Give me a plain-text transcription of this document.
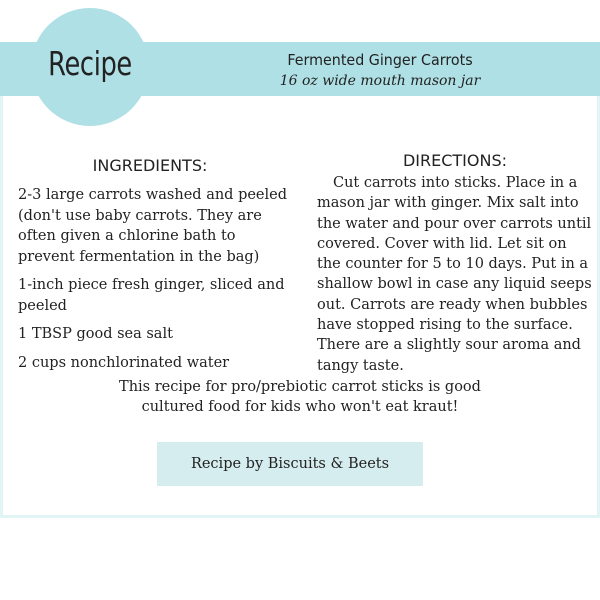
Recipe	Fermented Ginger Carrots
16 oz wide mouth mason jar
INGREDIENTS:
2-3 large carrots washed and peeled (don't use baby carrots. They are often given a chlorine bath to prevent fermentation in the bag)
1-inch piece fresh ginger, sliced and peeled
1 TBSP good sea salt
2 cups nonchlorinated water
DIRECTIONS:
Cut carrots into sticks. Place in a mason jar with ginger. Mix salt into the water and pour over carrots until covered. Cover with lid. Let sit on the counter for 5 to 10 days. Put in a shallow bowl in case any liquid seeps out. Carrots are ready when bubbles have stopped rising to the surface. There are a slightly sour aroma and tangy taste.
This recipe for pro/prebiotic carrot sticks is good cultured food for kids who won't eat kraut!
Recipe by Biscuits & Beets
